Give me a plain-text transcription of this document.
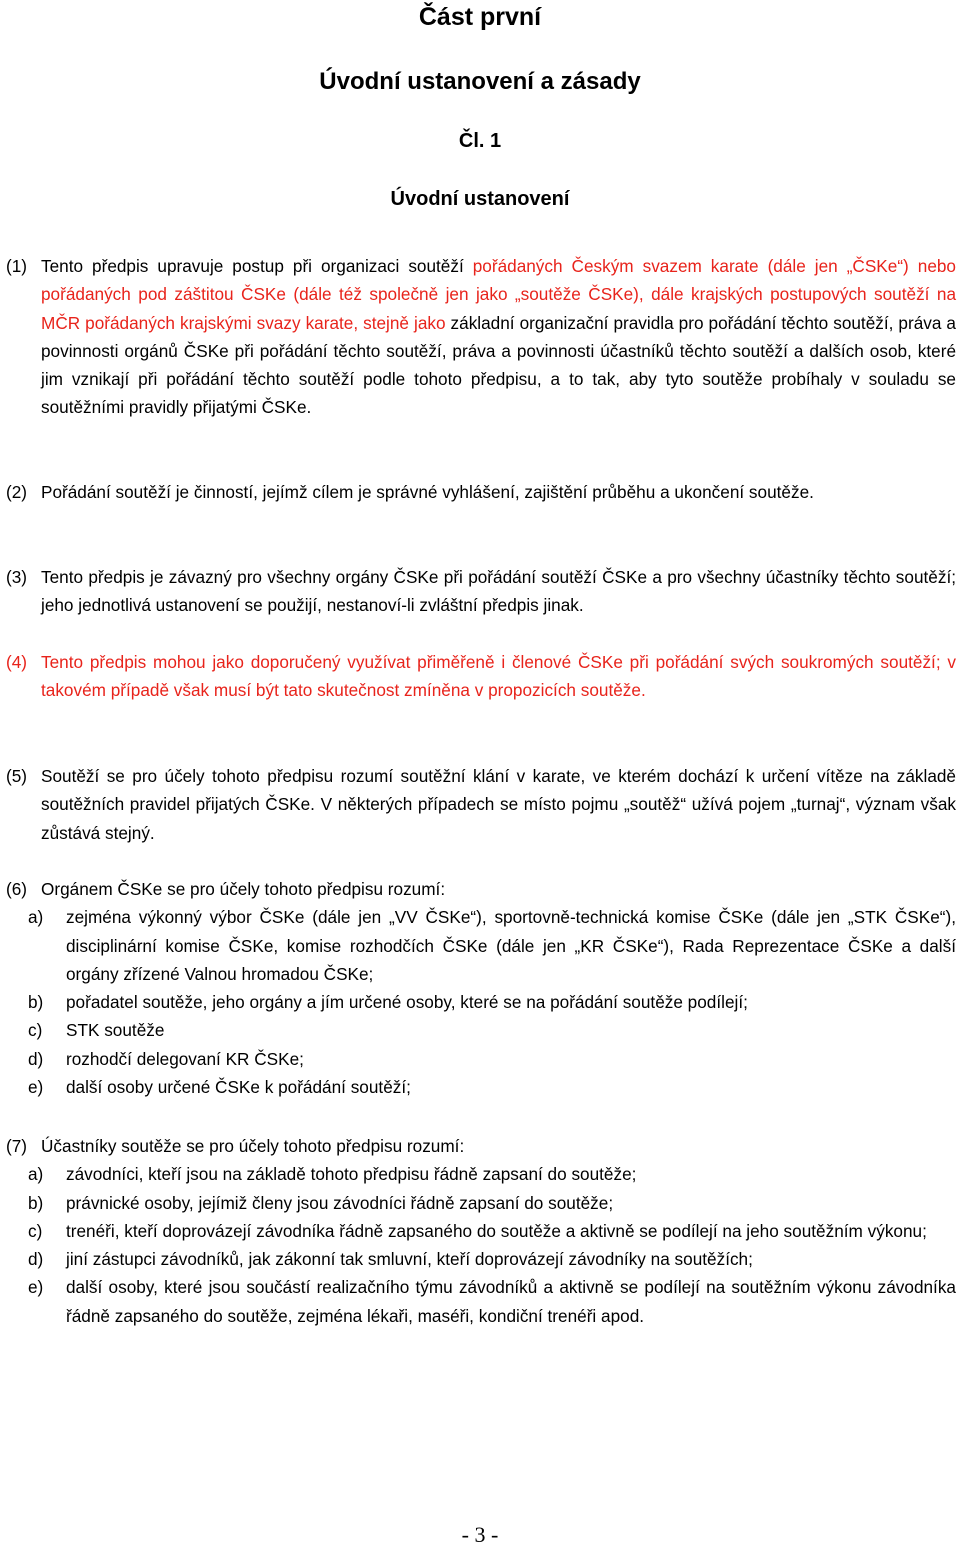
Část první
Úvodní ustanovení a zásady
Čl. 1
Úvodní ustanovení
(1) Tento předpis upravuje postup při organizaci soutěží pořádaných Českým svazem karate (dále jen „ČSKe“) nebo pořádaných pod záštitou ČSKe (dále též společně jen jako „soutěže ČSKe), dále krajských postupových soutěží na MČR pořádaných krajskými svazy karate, stejně jako základní organizační pravidla pro pořádání těchto soutěží, práva a povinnosti orgánů ČSKe při pořádání těchto soutěží, práva a povinnosti účastníků těchto soutěží a dalších osob, které jim vznikají při pořádání těchto soutěží podle tohoto předpisu, a to tak, aby tyto soutěže probíhaly v souladu se soutěžními pravidly přijatými ČSKe.
(2) Pořádání soutěží je činností, jejímž cílem je správné vyhlášení, zajištění průběhu a ukončení soutěže.
(3) Tento předpis je závazný pro všechny orgány ČSKe při pořádání soutěží ČSKe a pro všechny účastníky těchto soutěží; jeho jednotlivá ustanovení se použijí, nestanoví-li zvláštní předpis jinak.
(4) Tento předpis mohou jako doporučený využívat přiměřeně i členové ČSKe při pořádání svých soukromých soutěží; v takovém případě však musí být tato skutečnost zmíněna v propozicích soutěže.
(5) Soutěží se pro účely tohoto předpisu rozumí soutěžní klání v karate, ve kterém dochází k určení vítěze na základě soutěžních pravidel přijatých ČSKe. V některých případech se místo pojmu „soutěž“ užívá pojem „turnaj“, význam však zůstává stejný.
(6) Orgánem ČSKe se pro účely tohoto předpisu rozumí:
a) zejména výkonný výbor ČSKe (dále jen „VV ČSKe“), sportovně-technická komise ČSKe (dále jen „STK ČSKe“), disciplinární komise ČSKe, komise rozhodčích ČSKe (dále jen „KR ČSKe“), Rada Reprezentace ČSKe a další orgány zřízené Valnou hromadou ČSKe;
b) pořadatel soutěže, jeho orgány a jím určené osoby, které se na pořádání soutěže podílejí;
c) STK soutěže
d) rozhodčí delegovaní KR ČSKe;
e) další osoby určené ČSKe k pořádání soutěží;
(7) Účastníky soutěže se pro účely tohoto předpisu rozumí:
a) závodníci, kteří jsou na základě tohoto předpisu řádně zapsaní do soutěže;
b) právnické osoby, jejímiž členy jsou závodníci řádně zapsaní do soutěže;
c) trenéři, kteří doprovázejí závodníka řádně zapsaného do soutěže a aktivně se podílejí na jeho soutěžním výkonu;
d) jiní zástupci závodníků, jak zákonní tak smluvní, kteří doprovázejí závodníky na soutěžích;
e) další osoby, které jsou součástí realizačního týmu závodníků a aktivně se podílejí na soutěžním výkonu závodníka řádně zapsaného do soutěže, zejména lékaři, maséři, kondiční trenéři apod.
- 3 -
